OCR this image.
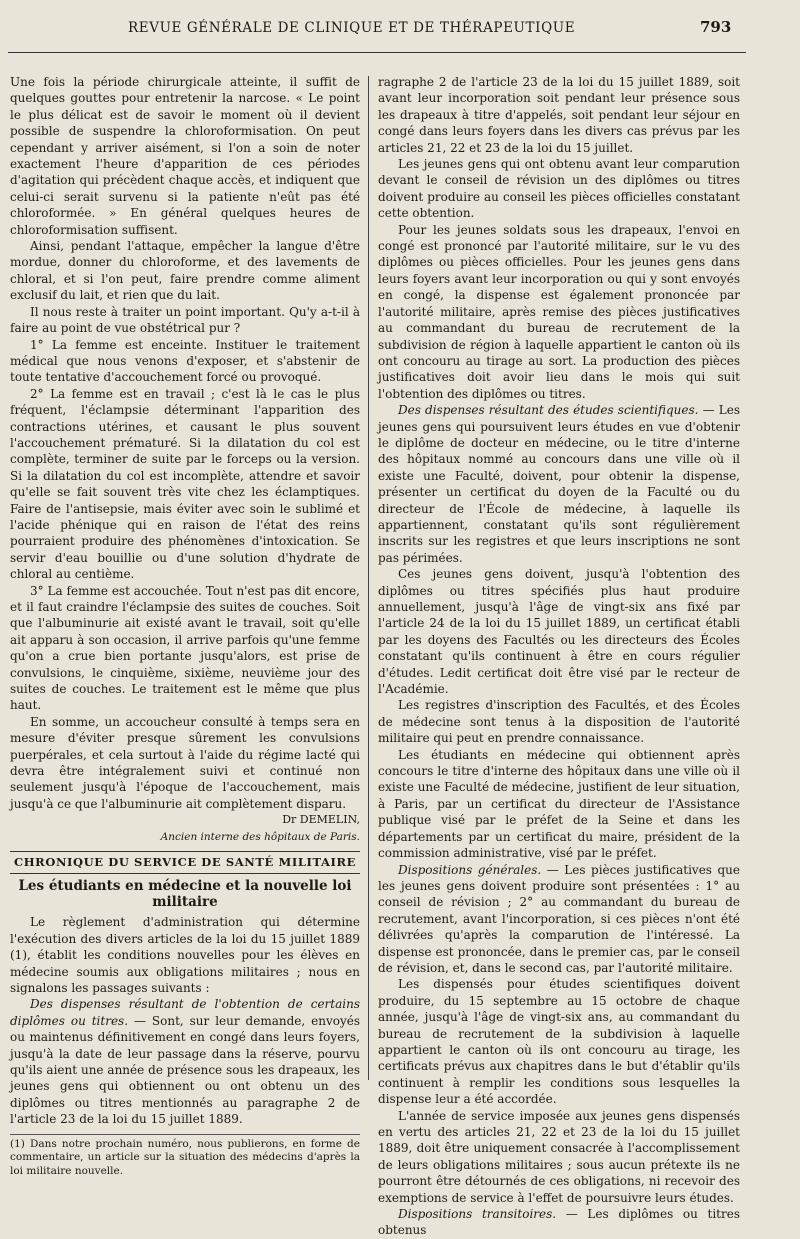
REVUE GÉNÉRALE DE CLINIQUE ET DE THÉRAPEUTIQUE	793

Une fois la période chirurgicale atteinte, il suffit de quelques gouttes pour entretenir la narcose. « Le point le plus délicat est de savoir le moment où il devient possible de suspendre la chloroformisation. On peut cependant y arriver aisément, si l'on a soin de noter exactement l'heure d'apparition de ces périodes d'agitation qui précèdent chaque accès, et indiquent que celui-ci serait survenu si la patiente n'eût pas été chloroformée. » En général quelques heures de chloroformisation suffisent.

Ainsi, pendant l'attaque, empêcher la langue d'être mordue, donner du chloroforme, et des lavements de chloral, et si l'on peut, faire prendre comme aliment exclusif du lait, et rien que du lait.

Il nous reste à traiter un point important. Qu'y a-t-il à faire au point de vue obstétrical pur ?

1° La femme est enceinte. Instituer le traitement médical que nous venons d'exposer, et s'abstenir de toute tentative d'accouchement forcé ou provoqué.

2° La femme est en travail ; c'est là le cas le plus fréquent, l'éclampsie déterminant l'apparition des contractions utérines, et causant le plus souvent l'accouchement prématuré. Si la dilatation du col est complète, terminer de suite par le forceps ou la version. Si la dilatation du col est incomplète, attendre et savoir qu'elle se fait souvent très vite chez les éclamptiques. Faire de l'antisepsie, mais éviter avec soin le sublimé et l'acide phénique qui en raison de l'état des reins pourraient produire des phénomènes d'intoxication. Se servir d'eau bouillie ou d'une solution d'hydrate de chloral au centième.

3° La femme est accouchée. Tout n'est pas dit encore, et il faut craindre l'éclampsie des suites de couches. Soit que l'albuminurie ait existé avant le travail, soit qu'elle ait apparu à son occasion, il arrive parfois qu'une femme qu'on a crue bien portante jusqu'alors, est prise de convulsions, le cinquième, sixième, neuvième jour des suites de couches. Le traitement est le même que plus haut.

En somme, un accoucheur consulté à temps sera en mesure d'éviter presque sûrement les convulsions puerpérales, et cela surtout à l'aide du régime lacté qui devra être intégralement suivi et continué non seulement jusqu'à l'époque de l'accouchement, mais jusqu'à ce que l'albuminurie ait complètement disparu.

Dr DEMELIN,

Ancien interne des hôpitaux de Paris.

CHRONIQUE DU SERVICE DE SANTÉ MILITAIRE
Les étudiants en médecine et la nouvelle loi militaire

Le règlement d'administration qui détermine l'exécution des divers articles de la loi du 15 juillet 1889 (1), établit les conditions nouvelles pour les élèves en médecine soumis aux obligations militaires ; nous en signalons les passages suivants :

Des dispenses résultant de l'obtention de certains diplômes ou titres. — Sont, sur leur demande, envoyés ou maintenus définitivement en congé dans leurs foyers, jusqu'à la date de leur passage dans la réserve, pourvu qu'ils aient une année de présence sous les drapeaux, les jeunes gens qui obtiennent ou ont obtenu un des diplômes ou titres mentionnés au paragraphe 2 de l'article 23 de la loi du 15 juillet 1889.

(1) Dans notre prochain numéro, nous publierons, en forme de commentaire, un article sur la situation des médecins d'après la loi militaire nouvelle.

ragraphe 2 de l'article 23 de la loi du 15 juillet 1889, soit avant leur incorporation soit pendant leur présence sous les drapeaux à titre d'appelés, soit pendant leur séjour en congé dans leurs foyers dans les divers cas prévus par les articles 21, 22 et 23 de la loi du 15 juillet.

Les jeunes gens qui ont obtenu avant leur comparution devant le conseil de révision un des diplômes ou titres doivent produire au conseil les pièces officielles constatant cette obtention.

Pour les jeunes soldats sous les drapeaux, l'envoi en congé est prononcé par l'autorité militaire, sur le vu des diplômes ou pièces officielles. Pour les jeunes gens dans leurs foyers avant leur incorporation ou qui y sont envoyés en congé, la dispense est également prononcée par l'autorité militaire, après remise des pièces justificatives au commandant du bureau de recrutement de la subdivision de région à laquelle appartient le canton où ils ont concouru au tirage au sort. La production des pièces justificatives doit avoir lieu dans le mois qui suit l'obtention des diplômes ou titres.

Des dispenses résultant des études scientifiques. — Les jeunes gens qui poursuivent leurs études en vue d'obtenir le diplôme de docteur en médecine, ou le titre d'interne des hôpitaux nommé au concours dans une ville où il existe une Faculté, doivent, pour obtenir la dispense, présenter un certificat du doyen de la Faculté ou du directeur de l'École de médecine, à laquelle ils appartiennent, constatant qu'ils sont régulièrement inscrits sur les registres et que leurs inscriptions ne sont pas périmées.

Ces jeunes gens doivent, jusqu'à l'obtention des diplômes ou titres spécifiés plus haut produire annuellement, jusqu'à l'âge de vingt-six ans fixé par l'article 24 de la loi du 15 juillet 1889, un certificat établi par les doyens des Facultés ou les directeurs des Écoles constatant qu'ils continuent à être en cours régulier d'études. Ledit certificat doit être visé par le recteur de l'Académie.

Les registres d'inscription des Facultés, et des Écoles de médecine sont tenus à la disposition de l'autorité militaire qui peut en prendre connaissance.

Les étudiants en médecine qui obtiennent après concours le titre d'interne des hôpitaux dans une ville où il existe une Faculté de médecine, justifient de leur situation, à Paris, par un certificat du directeur de l'Assistance publique visé par le préfet de la Seine et dans les départements par un certificat du maire, président de la commission administrative, visé par le préfet.

Dispositions générales. — Les pièces justificatives que les jeunes gens doivent produire sont présentées : 1° au conseil de révision ; 2° au commandant du bureau de recrutement, avant l'incorporation, si ces pièces n'ont été délivrées qu'après la comparution de l'intéressé. La dispense est prononcée, dans le premier cas, par le conseil de révision, et, dans le second cas, par l'autorité militaire.

Les dispensés pour études scientifiques doivent produire, du 15 septembre au 15 octobre de chaque année, jusqu'à l'âge de vingt-six ans, au commandant du bureau de recrutement de la subdivision à laquelle appartient le canton où ils ont concouru au tirage, les certificats prévus aux chapitres dans le but d'établir qu'ils continuent à remplir les conditions sous lesquelles la dispense leur a été accordée.

L'année de service imposée aux jeunes gens dispensés en vertu des articles 21, 22 et 23 de la loi du 15 juillet 1889, doit être uniquement consacrée à l'accomplissement de leurs obligations militaires ; sous aucun prétexte ils ne pourront être détournés de ces obligations, ni recevoir des exemptions de service à l'effet de poursuivre leurs études.

Dispositions transitoires. — Les diplômes ou titres obtenus
